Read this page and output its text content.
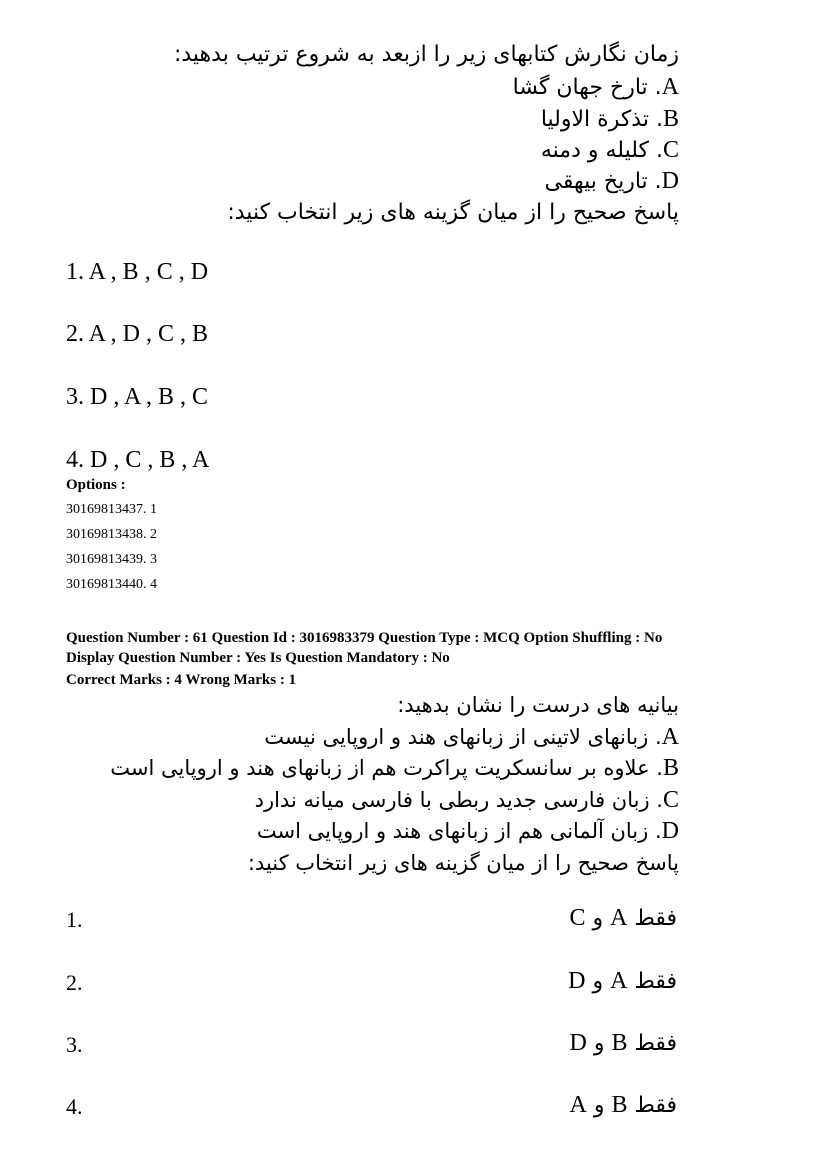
زمان نگارش کتابهای زیر را ازبعد به شروع ترتیب بدهید:
A. تارخ جهان گشا
B. تذکرة الاولیا
C. کلیله و دمنه
D. تاریخ بیهقی
پاسخ صحیح را از میان گزینه های زیر انتخاب کنید:
1. A , B , C , D
2. A , D , C , B
3. D , A , B , C
4. D , C , B , A
Options :
30169813437. 1
30169813438. 2
30169813439. 3
30169813440. 4
Question Number : 61 Question Id : 3016983379 Question Type : MCQ Option Shuffling : No
Display Question Number : Yes Is Question Mandatory : No
Correct Marks : 4 Wrong Marks : 1
بیانیه های درست را نشان بدهید:
A. زبانهای لاتینی از زبانهای هند و اروپایی نیست
B. علاوه بر سانسکریت پراکرت هم از زبانهای هند و اروپایی است
C. زبان فارسی جدید ربطی با فارسی میانه ندارد
D. زبان آلمانی هم از زبانهای هند و اروپایی است
پاسخ صحیح را از میان گزینه های زیر انتخاب کنید:
1.	فقط A و C
2.	فقط A و D
3.	فقط B و D
4.	فقط B و A
